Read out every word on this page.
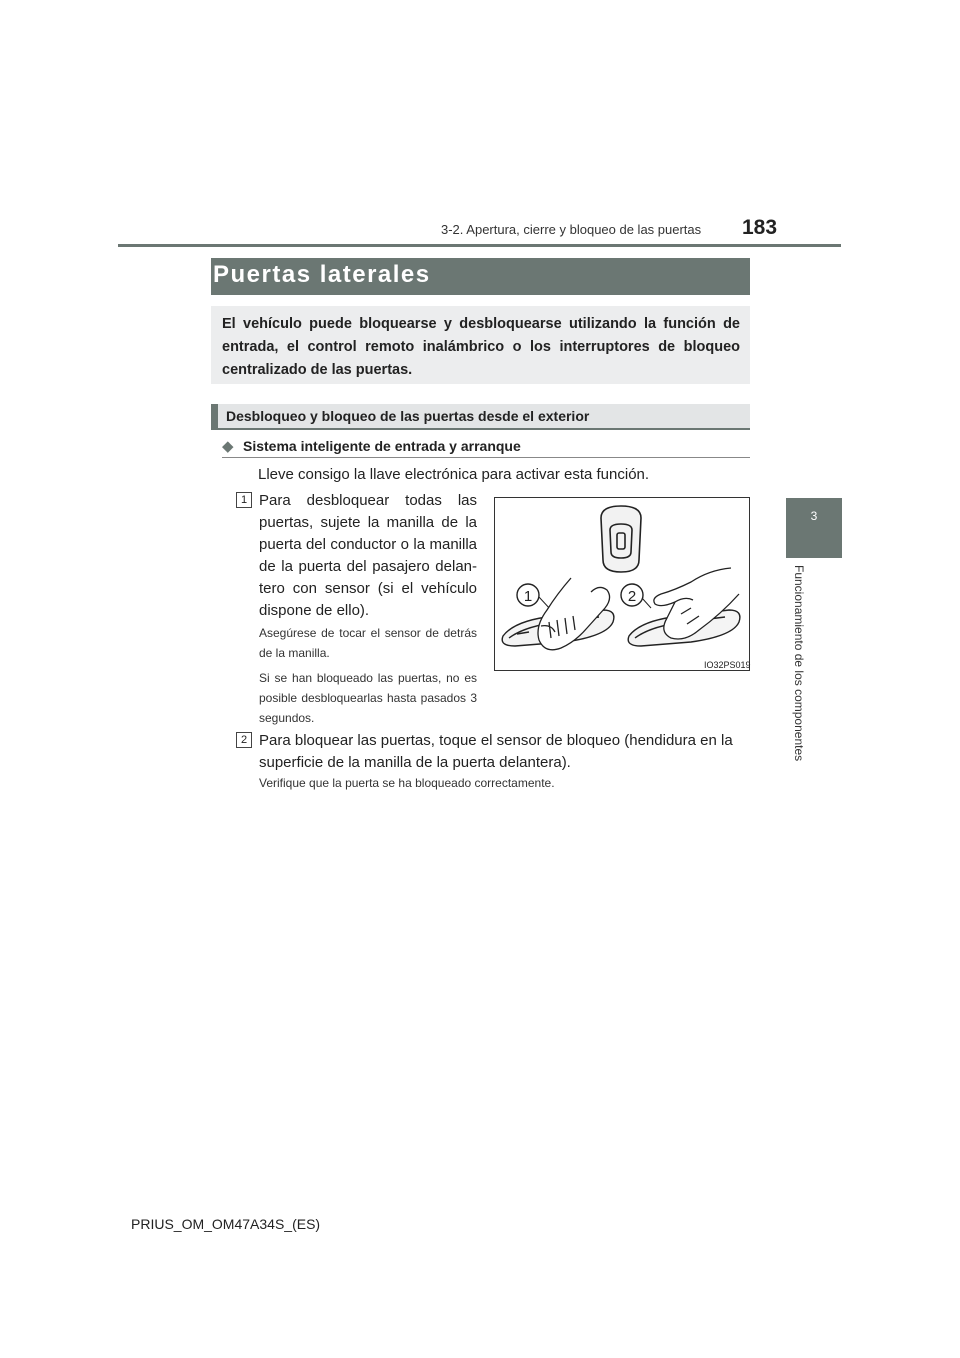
3-2. Apertura, cierre y bloqueo de las puertas 183
3
Funcionamiento de los componentes
Puertas laterales
El vehículo puede bloquearse y desbloquearse utilizando la función de entrada, el control remoto inalámbrico o los interruptores de bloqueo centralizado de las puertas.
Desbloqueo y bloqueo de las puertas desde el exterior
◆ Sistema inteligente de entrada y arranque
Lleve consigo la llave electrónica para activar esta función.
1 Para desbloquear todas las puertas, sujete la manilla de la puerta del conductor o la manilla de la puerta del pasajero delan-tero con sensor (si el vehículo dispone de ello).
Asegúrese de tocar el sensor de detrás de la manilla.
Si se han bloqueado las puertas, no es posible desbloquearlas hasta pasados 3 segundos.
1	2
IO32PS019
2 Para bloquear las puertas, toque el sensor de bloqueo (hendidura en la superficie de la manilla de la puerta delantera).
Verifique que la puerta se ha bloqueado correctamente.
PRIUS_OM_OM47A34S_(ES)
